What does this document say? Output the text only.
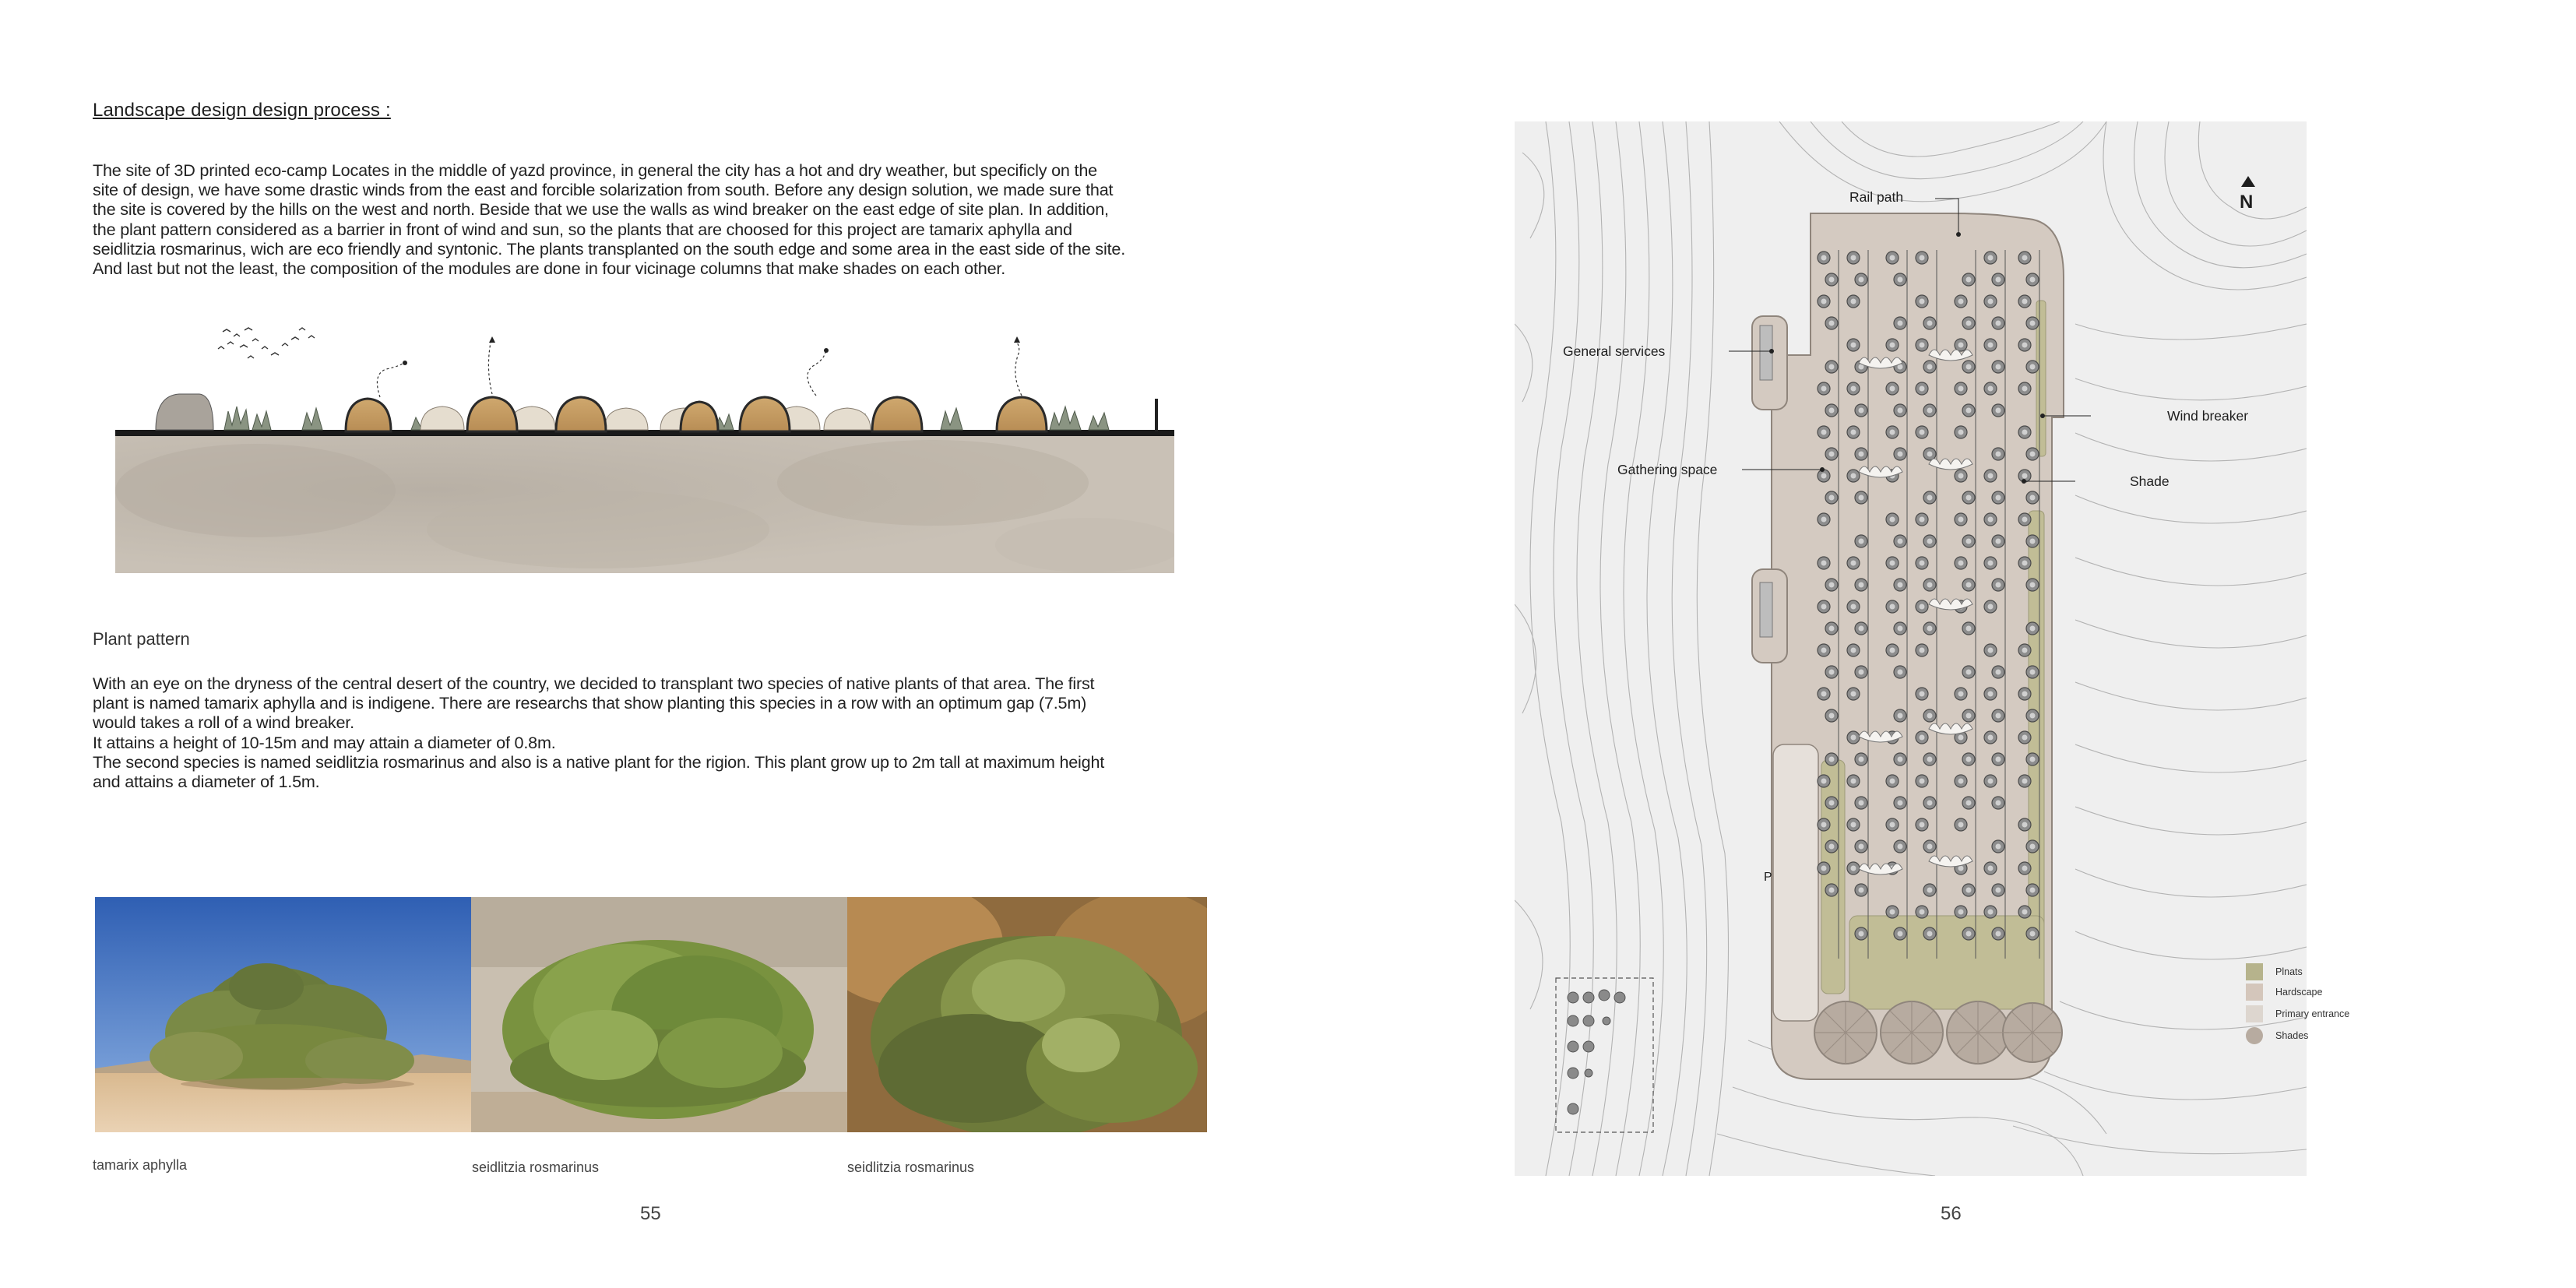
Landscape design design process :

The site of 3D printed eco-camp Locates in the middle of yazd province, in general the city has a hot and dry weather, but specificly on the

site of design, we have some drastic winds from the east and forcible solarization from south. Before any design solution, we made sure that

the site is covered by the hills on the west and north. Beside that we use the walls as wind breaker on the east edge of site plan. In addition,

the plant pattern considered as a barrier in front of wind and sun, so the plants that are choosed for this project are tamarix aphylla and

seidlitzia rosmarinus, wich are eco friendly and syntonic. The plants transplanted on the south edge and some area in the east side of the site.

And last but not the least, the composition of the modules are done in four vicinage columns that make shades on each other.

Plant pattern

With an eye on the dryness of the central desert of the country, we decided to transplant two species of native plants of that area. The first

plant is named tamarix aphylla and is indigene. There are researchs that show planting this species in a row with an optimum gap (7.5m)

would takes a roll of a wind breaker.

It attains a height of 10-15m and may attain a diameter of 0.8m.

The second species is named seidlitzia rosmarinus and also is a native plant for the rigion. This plant grow up to 2m tall at maximum height

and attains a diameter of 1.5m.

tamarix aphylla	seidlitzia rosmarinus	seidlitzia rosmarinus
55
Rail path
General services
Gathering space
Wind breaker
Shade
P
N
Plnats
Hardscape
Primary entrance
Shades
56
